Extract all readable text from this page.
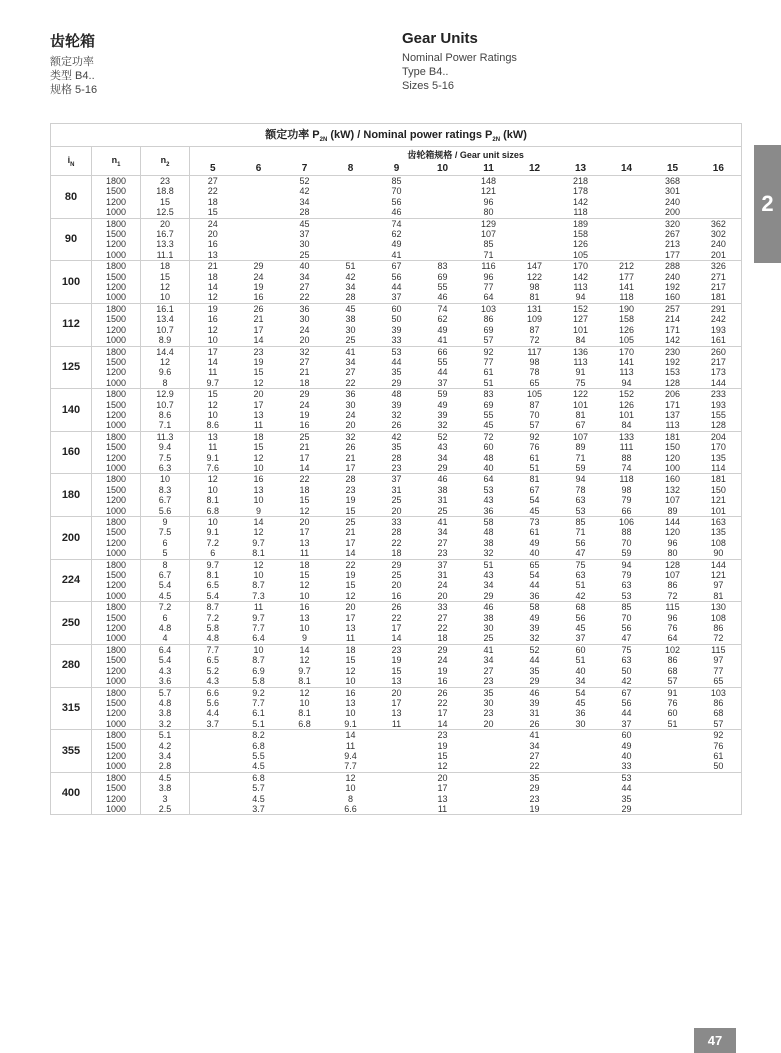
齿轮箱
额定功率
类型 B4..
规格 5-16
Gear Units
Nominal Power Ratings
Type B4..
Sizes 5-16
2
额定功率 $P_{2N}$ (kW) / Nominal power ratings $P_{2N}$ (kW)														
$i_N$	$n_1$	$n_2$	齿轮箱规格 / Gear unit sizes											
			5	6	7	8	9	10	11	12	13	14	15	16
80	1800	23	27		52		85		148		218		368	
	1500	18.8	22		42		70		121		178		301	
	1200	15	18		34		56		96		142		240	
	1000	12.5	15		28		46		80		118		200	
90	1800	20	24		45		74		129		189		320	362
	1500	16.7	20		37		62		107		158		267	302
	1200	13.3	16		30		49		85		126		213	240
	1000	11.1	13		25		41		71		105		177	201
100	1800	18	21	29	40	51	67	83	116	147	170	212	288	326
	1500	15	18	24	34	42	56	69	96	122	142	177	240	271
	1200	12	14	19	27	34	44	55	77	98	113	141	192	217
	1000	10	12	16	22	28	37	46	64	81	94	118	160	181
112	1800	16.1	19	26	36	45	60	74	103	131	152	190	257	291
	1500	13.4	16	21	30	38	50	62	86	109	127	158	214	242
	1200	10.7	12	17	24	30	39	49	69	87	101	126	171	193
	1000	8.9	10	14	20	25	33	41	57	72	84	105	142	161
125	1800	14.4	17	23	32	41	53	66	92	117	136	170	230	260
	1500	12	14	19	27	34	44	55	77	98	113	141	192	217
	1200	9.6	11	15	21	27	35	44	61	78	91	113	153	173
	1000	8	9.7	12	18	22	29	37	51	65	75	94	128	144
140	1800	12.9	15	20	29	36	48	59	83	105	122	152	206	233
	1500	10.7	12	17	24	30	39	49	69	87	101	126	171	193
	1200	8.6	10	13	19	24	32	39	55	70	81	101	137	155
	1000	7.1	8.6	11	16	20	26	32	45	57	67	84	113	128
160	1800	11.3	13	18	25	32	42	52	72	92	107	133	181	204
	1500	9.4	11	15	21	26	35	43	60	76	89	111	150	170
	1200	7.5	9.1	12	17	21	28	34	48	61	71	88	120	135
	1000	6.3	7.6	10	14	17	23	29	40	51	59	74	100	114
180	1800	10	12	16	22	28	37	46	64	81	94	118	160	181
	1500	8.3	10	13	18	23	31	38	53	67	78	98	132	150
	1200	6.7	8.1	10	15	19	25	31	43	54	63	79	107	121
	1000	5.6	6.8	9	12	15	20	25	36	45	53	66	89	101
200	1800	9	10	14	20	25	33	41	58	73	85	106	144	163
	1500	7.5	9.1	12	17	21	28	34	48	61	71	88	120	135
	1200	6	7.2	9.7	13	17	22	27	38	49	56	70	96	108
	1000	5	6	8.1	11	14	18	23	32	40	47	59	80	90
224	1800	8	9.7	12	18	22	29	37	51	65	75	94	128	144
	1500	6.7	8.1	10	15	19	25	31	43	54	63	79	107	121
	1200	5.4	6.5	8.7	12	15	20	24	34	44	51	63	86	97
	1000	4.5	5.4	7.3	10	12	16	20	29	36	42	53	72	81
250	1800	7.2	8.7	11	16	20	26	33	46	58	68	85	115	130
	1500	6	7.2	9.7	13	17	22	27	38	49	56	70	96	108
	1200	4.8	5.8	7.7	10	13	17	22	30	39	45	56	76	86
	1000	4	4.8	6.4	9	11	14	18	25	32	37	47	64	72
280	1800	6.4	7.7	10	14	18	23	29	41	52	60	75	102	115
	1500	5.4	6.5	8.7	12	15	19	24	34	44	51	63	86	97
	1200	4.3	5.2	6.9	9.7	12	15	19	27	35	40	50	68	77
	1000	3.6	4.3	5.8	8.1	10	13	16	23	29	34	42	57	65
315	1800	5.7	6.6	9.2	12	16	20	26	35	46	54	67	91	103
	1500	4.8	5.6	7.7	10	13	17	22	30	39	45	56	76	86
	1200	3.8	4.4	6.1	8.1	10	13	17	23	31	36	44	60	68
	1000	3.2	3.7	5.1	6.8	9.1	11	14	20	26	30	37	51	57
355	1800	5.1		8.2		14		23		41		60		92
	1500	4.2		6.8		11		19		34		49		76
	1200	3.4		5.5		9.4		15		27		40		61
	1000	2.8		4.5		7.7		12		22		33		50
400	1800	4.5		6.8		12		20		35		53		
	1500	3.8		5.7		10		17		29		44		
	1200	3		4.5		8		13		23		35		
	1000	2.5		3.7		6.6		11		19		29		
47
